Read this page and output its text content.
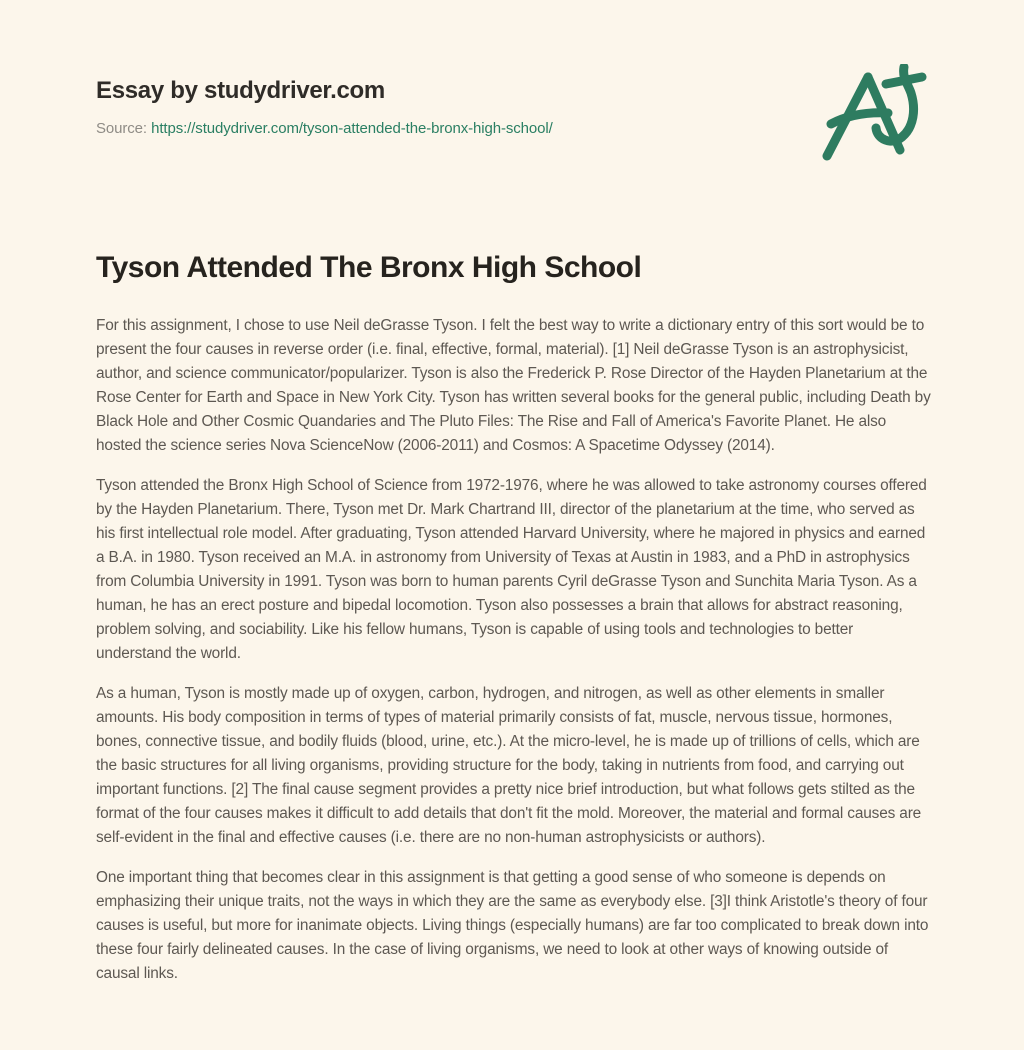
Essay by studydriver.com
Source: https://studydriver.com/tyson-attended-the-bronx-high-school/
Tyson Attended The Bronx High School

For this assignment, I chose to use Neil deGrasse Tyson. I felt the best way to write a dictionary entry of this sort would be to present the four causes in reverse order (i.e. final, effective, formal, material). [1] Neil deGrasse Tyson is an astrophysicist, author, and science communicator/popularizer. Tyson is also the Frederick P. Rose Director of the Hayden Planetarium at the Rose Center for Earth and Space in New York City. Tyson has written several books for the general public, including Death by Black Hole and Other Cosmic Quandaries and The Pluto Files: The Rise and Fall of America's Favorite Planet. He also hosted the science series Nova ScienceNow (2006-2011) and Cosmos: A Spacetime Odyssey (2014).

Tyson attended the Bronx High School of Science from 1972-1976, where he was allowed to take astronomy courses offered by the Hayden Planetarium. There, Tyson met Dr. Mark Chartrand III, director of the planetarium at the time, who served as his first intellectual role model. After graduating, Tyson attended Harvard University, where he majored in physics and earned a B.A. in 1980. Tyson received an M.A. in astronomy from University of Texas at Austin in 1983, and a PhD in astrophysics from Columbia University in 1991. Tyson was born to human parents Cyril deGrasse Tyson and Sunchita Maria Tyson. As a human, he has an erect posture and bipedal locomotion. Tyson also possesses a brain that allows for abstract reasoning, problem solving, and sociability. Like his fellow humans, Tyson is capable of using tools and technologies to better understand the world.

As a human, Tyson is mostly made up of oxygen, carbon, hydrogen, and nitrogen, as well as other elements in smaller amounts. His body composition in terms of types of material primarily consists of fat, muscle, nervous tissue, hormones, bones, connective tissue, and bodily fluids (blood, urine, etc.). At the micro-level, he is made up of trillions of cells, which are the basic structures for all living organisms, providing structure for the body, taking in nutrients from food, and carrying out important functions. [2] The final cause segment provides a pretty nice brief introduction, but what follows gets stilted as the format of the four causes makes it difficult to add details that don't fit the mold. Moreover, the material and formal causes are self-evident in the final and effective causes (i.e. there are no non-human astrophysicists or authors).

One important thing that becomes clear in this assignment is that getting a good sense of who someone is depends on emphasizing their unique traits, not the ways in which they are the same as everybody else. [3]I think Aristotle's theory of four causes is useful, but more for inanimate objects. Living things (especially humans) are far too complicated to break down into these four fairly delineated causes. In the case of living organisms, we need to look at other ways of knowing outside of causal links.
